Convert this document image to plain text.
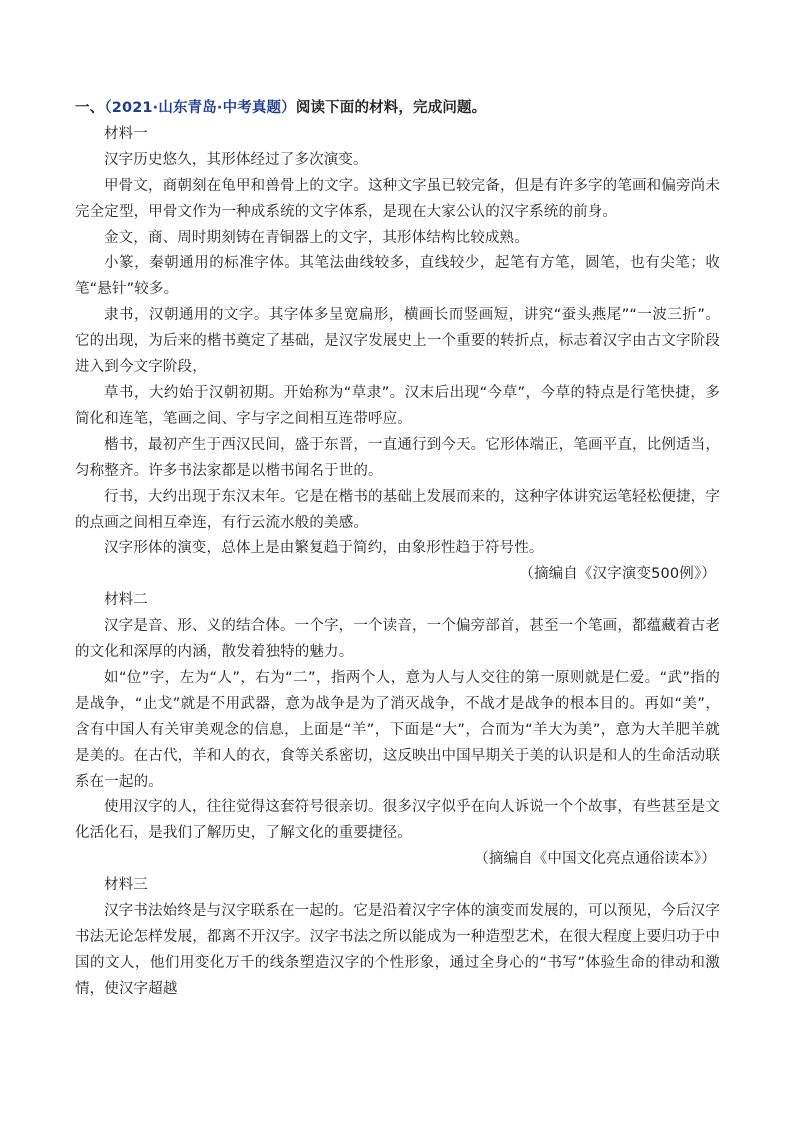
一、（2021·山东青岛·中考真题）阅读下面的材料，完成问题。

材料一

汉字历史悠久，其形体经过了多次演变。

甲骨文，商朝刻在龟甲和兽骨上的文字。这种文字虽已较完备，但是有许多字的笔画和偏旁尚未完全定型，甲骨文作为一种成系统的文字体系，是现在大家公认的汉字系统的前身。

金文，商、周时期刻铸在青铜器上的文字，其形体结构比较成熟。

小篆，秦朝通用的标准字体。其笔法曲线较多，直线较少，起笔有方笔，圆笔，也有尖笔；收笔“悬针”较多。

隶书，汉朝通用的文字。其字体多呈宽扁形，横画长而竖画短，讲究“蚕头燕尾”“一波三折”。它的出现，为后来的楷书奠定了基础，是汉字发展史上一个重要的转折点，标志着汉字由古文字阶段进入到今文字阶段，

草书，大约始于汉朝初期。开始称为“草隶”。汉末后出现“今草”，今草的特点是行笔快捷，多简化和连笔，笔画之间、字与字之间相互连带呼应。

楷书，最初产生于西汉民间，盛于东晋，一直通行到今天。它形体端正，笔画平直，比例适当，匀称整齐。许多书法家都是以楷书闻名于世的。

行书，大约出现于东汉末年。它是在楷书的基础上发展而来的，这种字体讲究运笔轻松便捷，字的点画之间相互牵连，有行云流水般的美感。

汉字形体的演变，总体上是由繁复趋于简约，由象形性趋于符号性。

（摘编自《汉字演变500例》）

材料二

汉字是音、形、义的结合体。一个字，一个读音，一个偏旁部首，甚至一个笔画，都蕴藏着古老的文化和深厚的内涵，散发着独特的魅力。

如“位”字，左为“人”，右为“二”，指两个人，意为人与人交往的第一原则就是仁爱。“武”指的是战争，“止戈”就是不用武器，意为战争是为了消灭战争，不战才是战争的根本目的。再如“美”，含有中国人有关审美观念的信息，上面是“羊”，下面是“大”，合而为“羊大为美”，意为大羊肥羊就是美的。在古代，羊和人的衣，食等关系密切，这反映出中国早期关于美的认识是和人的生命活动联系在一起的。

使用汉字的人，往往觉得这套符号很亲切。很多汉字似乎在向人诉说一个个故事，有些甚至是文化活化石，是我们了解历史，了解文化的重要捷径。

（摘编自《中国文化亮点通俗读本》）

材料三

汉字书法始终是与汉字联系在一起的。它是沿着汉字字体的演变而发展的，可以预见，今后汉字书法无论怎样发展，都离不开汉字。汉字书法之所以能成为一种造型艺术，在很大程度上要归功于中国的文人，他们用变化万千的线条塑造汉字的个性形象，通过全身心的“书写”体验生命的律动和激情，使汉字超越
